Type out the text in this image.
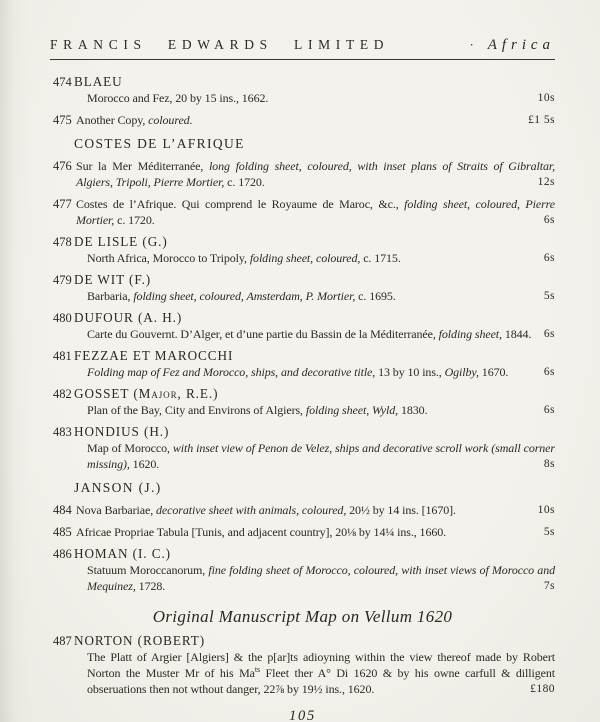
FRANCIS EDWARDS LIMITED	· Africa
474 BLAEU
Morocco and Fez, 20 by 15 ins., 1662.	10s
475 Another Copy, coloured.	£1 5s
COSTES DE L’AFRIQUE
476 Sur la Mer Méditerranée, long folding sheet, coloured, with inset plans of Straits of Gibraltar, Algiers, Tripoli, Pierre Mortier, c. 1720.	12s
477 Costes de l’Afrique. Qui comprend le Royaume de Maroc, &c., folding sheet, coloured, Pierre Mortier, c. 1720.	6s
478 DE LISLE (G.)
North Africa, Morocco to Tripoly, folding sheet, coloured, c. 1715.	6s
479 DE WIT (F.)
Barbaria, folding sheet, coloured, Amsterdam, P. Mortier, c. 1695.	5s
480 DUFOUR (A. H.)
Carte du Gouvernt. D’Alger, et d’une partie du Bassin de la Méditerranée, folding sheet, 1844. 6s
481 FEZZAE ET MAROCCHI
Folding map of Fez and Morocco, ships, and decorative title, 13 by 10 ins., Ogilby, 1670.	6s
482 GOSSET (Major, R.E.)
Plan of the Bay, City and Environs of Algiers, folding sheet, Wyld, 1830.	6s
483 HONDIUS (H.)
Map of Morocco, with inset view of Penon de Velez, ships and decorative scroll work (small corner missing), 1620.	8s
JANSON (J.)
484 Nova Barbariae, decorative sheet with animals, coloured, 20½ by 14 ins. [1670].	10s
485 Africae Propriae Tabula [Tunis, and adjacent country], 20⅛ by 14¼ ins., 1660.	5s
486 HOMAN (I. C.)
Statuum Moroccanorum, fine folding sheet of Morocco, coloured, with inset views of Morocco and Mequinez, 1728.	7s
Original Manuscript Map on Vellum 1620
487 NORTON (ROBERT)
The Platt of Argier [Algiers] & the p[ar]ts adioyning within the view thereof made by Robert Norton the Muster Mr of his $Ma^{ts}$ Fleet ther A° Di 1620 & by his owne carfull & dilligent obseruations then not wthout danger, 22⅞ by 19½ ins., 1620.	£180
105
